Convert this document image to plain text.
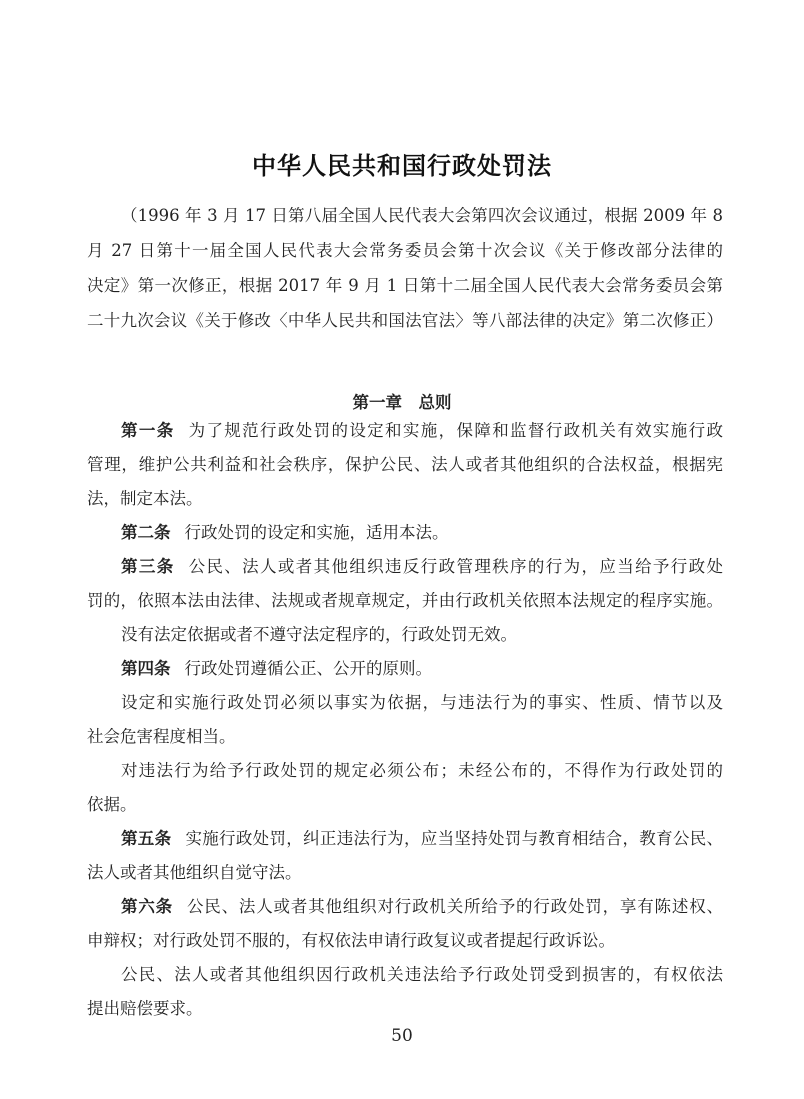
中华人民共和国行政处罚法
（1996 年 3 月 17 日第八届全国人民代表大会第四次会议通过，根据 2009 年 8
月 27 日第十一届全国人民代表大会常务委员会第十次会议《关于修改部分法律的
决定》第一次修正，根据 2017 年 9 月 1 日第十二届全国人民代表大会常务委员会第
二十九次会议《关于修改〈中华人民共和国法官法〉等八部法律的决定》第二次修正）
第一章　总则
第一条 为了规范行政处罚的设定和实施，保障和监督行政机关有效实施行政
管理，维护公共利益和社会秩序，保护公民、法人或者其他组织的合法权益，根据宪
法，制定本法。
第二条 行政处罚的设定和实施，适用本法。
第三条 公民、法人或者其他组织违反行政管理秩序的行为，应当给予行政处
罚的，依照本法由法律、法规或者规章规定，并由行政机关依照本法规定的程序实施。
没有法定依据或者不遵守法定程序的，行政处罚无效。
第四条 行政处罚遵循公正、公开的原则。
设定和实施行政处罚必须以事实为依据，与违法行为的事实、性质、情节以及
社会危害程度相当。
对违法行为给予行政处罚的规定必须公布；未经公布的，不得作为行政处罚的
依据。
第五条 实施行政处罚，纠正违法行为，应当坚持处罚与教育相结合，教育公民、
法人或者其他组织自觉守法。
第六条 公民、法人或者其他组织对行政机关所给予的行政处罚，享有陈述权、
申辩权；对行政处罚不服的，有权依法申请行政复议或者提起行政诉讼。
公民、法人或者其他组织因行政机关违法给予行政处罚受到损害的，有权依法
提出赔偿要求。
50
